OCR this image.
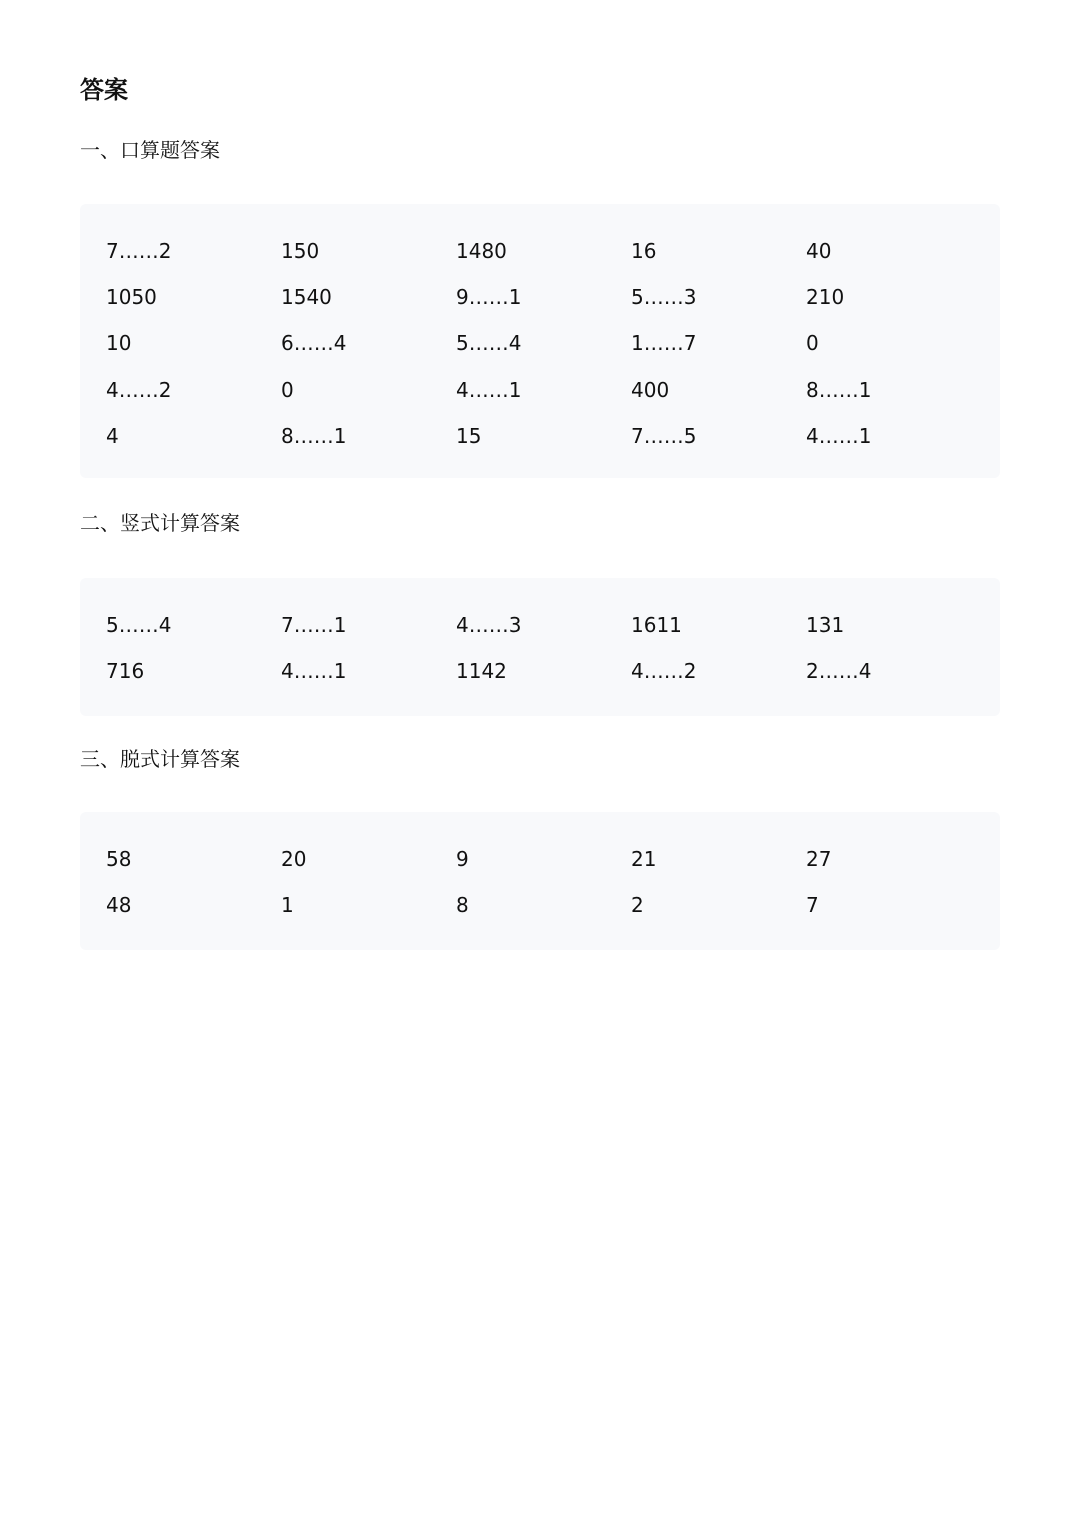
答案
一、口算题答案
7……2	150	1480	16	40
1050	1540	9……1	5……3	210
10	6……4	5……4	1……7	0
4……2	0	4……1	400	8……1
4	8……1	15	7……5	4……1
二、竖式计算答案
5……4	7……1	4……3	1611	131
716	4……1	1142	4……2	2……4
三、脱式计算答案
58	20	9	21	27
48	1	8	2	7
